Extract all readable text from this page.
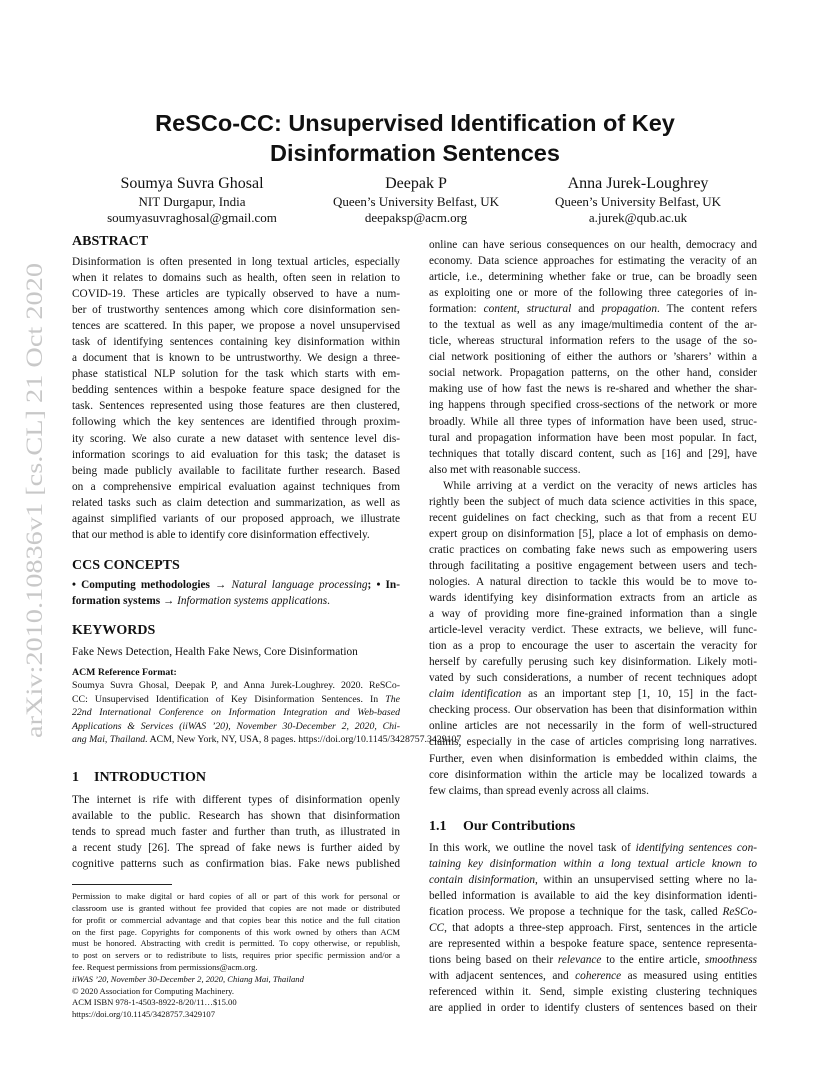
arXiv:2010.10836v1 [cs.CL] 21 Oct 2020
ReSCo-CC: Unsupervised Identification of Key
Disinformation Sentences
Soumya Suvra Ghosal
NIT Durgapur, India
soumyasuvraghosal@gmail.com
Deepak P
Queen’s University Belfast, UK
deepaksp@acm.org
Anna Jurek-Loughrey
Queen’s University Belfast, UK
a.jurek@qub.ac.uk
ABSTRACT
Disinformation is often presented in long textual articles, especially
when it relates to domains such as health, often seen in relation to
COVID-19. These articles are typically observed to have a num-
ber of trustworthy sentences among which core disinformation sen-
tences are scattered. In this paper, we propose a novel unsupervised
task of identifying sentences containing key disinformation within
a document that is known to be untrustworthy. We design a three-
phase statistical NLP solution for the task which starts with em-
bedding sentences within a bespoke feature space designed for the
task. Sentences represented using those features are then clustered,
following which the key sentences are identified through proxim-
ity scoring. We also curate a new dataset with sentence level dis-
information scorings to aid evaluation for this task; the dataset is
being made publicly available to facilitate further research. Based
on a comprehensive empirical evaluation against techniques from
related tasks such as claim detection and summarization, as well as
against simplified variants of our proposed approach, we illustrate
that our method is able to identify core disinformation effectively.
CCS CONCEPTS
• Computing methodologies → Natural language processing; • In-
formation systems → Information systems applications.
KEYWORDS
Fake News Detection, Health Fake News, Core Disinformation
ACM Reference Format:
Soumya Suvra Ghosal, Deepak P, and Anna Jurek-Loughrey. 2020. ReSCo-
CC: Unsupervised Identification of Key Disinformation Sentences. In The
22nd International Conference on Information Integration and Web-based
Applications & Services (iiWAS ’20), November 30-December 2, 2020, Chi-
ang Mai, Thailand. ACM, New York, NY, USA, 8 pages. https://doi.org/10.1145/3428757.3429107
1 INTRODUCTION
The internet is rife with different types of disinformation openly
available to the public. Research has shown that disinformation
tends to spread much faster and further than truth, as illustrated in
a recent study [26]. The spread of fake news is further aided by
cognitive patterns such as confirmation bias. Fake news published
Permission to make digital or hard copies of all or part of this work for personal or
classroom use is granted without fee provided that copies are not made or distributed
for profit or commercial advantage and that copies bear this notice and the full citation
on the first page. Copyrights for components of this work owned by others than ACM
must be honored. Abstracting with credit is permitted. To copy otherwise, or republish,
to post on servers or to redistribute to lists, requires prior specific permission and/or a
fee. Request permissions from permissions@acm.org.
iiWAS ’20, November 30-December 2, 2020, Chiang Mai, Thailand
© 2020 Association for Computing Machinery.
ACM ISBN 978-1-4503-8922-8/20/11…$15.00
https://doi.org/10.1145/3428757.3429107
online can have serious consequences on our health, democracy and
economy. Data science approaches for estimating the veracity of an
article, i.e., determining whether fake or true, can be broadly seen
as exploiting one or more of the following three categories of in-
formation: content, structural and propagation. The content refers
to the textual as well as any image/multimedia content of the ar-
ticle, whereas structural information refers to the usage of the so-
cial network positioning of either the authors or ’sharers’ within a
social network. Propagation patterns, on the other hand, consider
making use of how fast the news is re-shared and whether the shar-
ing happens through specified cross-sections of the network or more
broadly. While all three types of information have been used, struc-
tural and propagation information have been most popular. In fact,
techniques that totally discard content, such as [16] and [29], have
also met with reasonable success.
While arriving at a verdict on the veracity of news articles has
rightly been the subject of much data science activities in this space,
recent guidelines on fact checking, such as that from a recent EU
expert group on disinformation [5], place a lot of emphasis on demo-
cratic practices on combating fake news such as empowering users
through facilitating a positive engagement between users and tech-
nologies. A natural direction to tackle this would be to move to-
wards identifying key disinformation extracts from an article as
a way of providing more fine-grained information than a single
article-level veracity verdict. These extracts, we believe, will func-
tion as a prop to encourage the user to ascertain the veracity for
herself by carefully perusing such key disinformation. Likely moti-
vated by such considerations, a number of recent techniques adopt
claim identification as an important step [1, 10, 15] in the fact-
checking process. Our observation has been that disinformation within
online articles are not necessarily in the form of well-structured
claims, especially in the case of articles comprising long narratives.
Further, even when disinformation is embedded within claims, the
core disinformation within the article may be localized towards a
few claims, than spread evenly across all claims.
1.1 Our Contributions
In this work, we outline the novel task of identifying sentences con-
taining key disinformation within a long textual article known to
contain disinformation, within an unsupervised setting where no la-
belled information is available to aid the key disinformation identi-
fication process. We propose a technique for the task, called ReSCo-
CC, that adopts a three-step approach. First, sentences in the article
are represented within a bespoke feature space, sentence representa-
tions being based on their relevance to the entire article, smoothness
with adjacent sentences, and coherence as measured using entities
referenced within it. Send, simple existing clustering techniques
are applied in order to identify clusters of sentences based on their
